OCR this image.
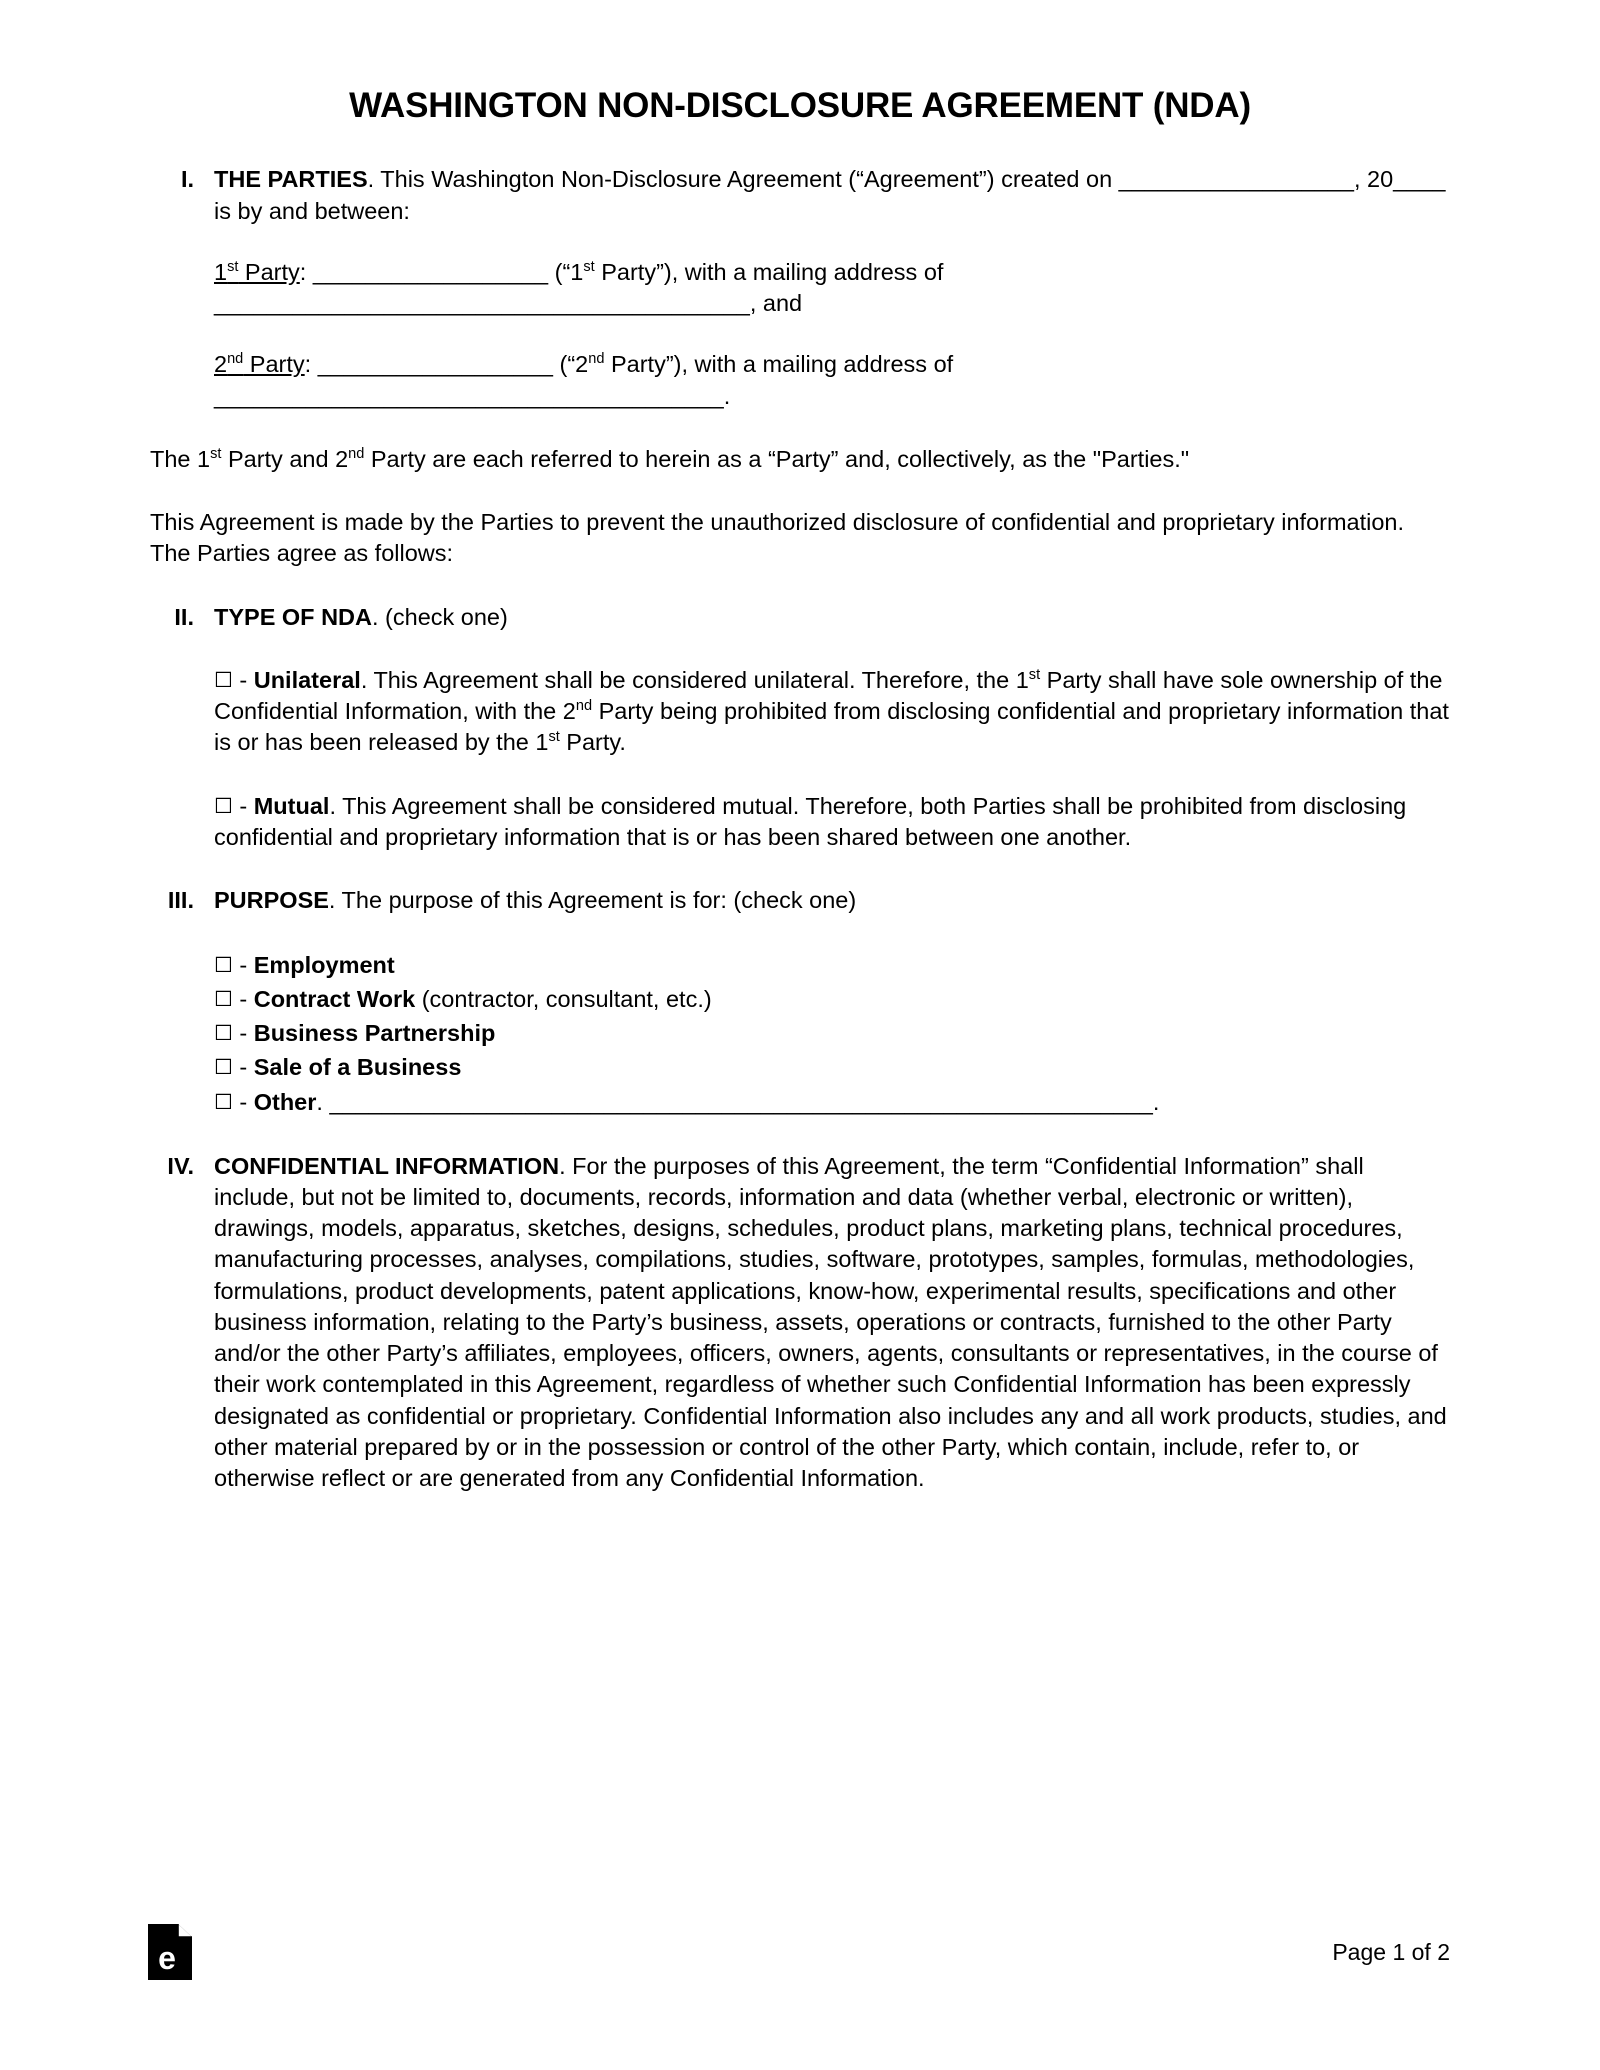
WASHINGTON NON-DISCLOSURE AGREEMENT (NDA)
I. THE PARTIES. This Washington Non-Disclosure Agreement (“Agreement”) created on __________________, 20____ is by and between:

1st Party: __________________ (“1st Party”), with a mailing address of _________________________________________, and

2nd Party: __________________ (“2nd Party”), with a mailing address of _______________________________________.

The 1st Party and 2nd Party are each referred to herein as a “Party” and, collectively, as the "Parties."

This Agreement is made by the Parties to prevent the unauthorized disclosure of confidential and proprietary information. The Parties agree as follows:

II. TYPE OF NDA. (check one)

☐ - Unilateral. This Agreement shall be considered unilateral. Therefore, the 1st Party shall have sole ownership of the Confidential Information, with the 2nd Party being prohibited from disclosing confidential and proprietary information that is or has been released by the 1st Party.

☐ - Mutual. This Agreement shall be considered mutual. Therefore, both Parties shall be prohibited from disclosing confidential and proprietary information that is or has been shared between one another.

III. PURPOSE. The purpose of this Agreement is for: (check one)

☐ - Employment

☐ - Contract Work (contractor, consultant, etc.)

☐ - Business Partnership

☐ - Sale of a Business

☐ - Other. _______________________________________________________________.

IV. CONFIDENTIAL INFORMATION. For the purposes of this Agreement, the term “Confidential Information” shall include, but not be limited to, documents, records, information and data (whether verbal, electronic or written), drawings, models, apparatus, sketches, designs, schedules, product plans, marketing plans, technical procedures, manufacturing processes, analyses, compilations, studies, software, prototypes, samples, formulas, methodologies, formulations, product developments, patent applications, know-how, experimental results, specifications and other business information, relating to the Party’s business, assets, operations or contracts, furnished to the other Party and/or the other Party’s affiliates, employees, officers, owners, agents, consultants or representatives, in the course of their work contemplated in this Agreement, regardless of whether such Confidential Information has been expressly designated as confidential or proprietary. Confidential Information also includes any and all work products, studies, and other material prepared by or in the possession or control of the other Party, which contain, include, refer to, or otherwise reflect or are generated from any Confidential Information.

e	Page 1 of 2
